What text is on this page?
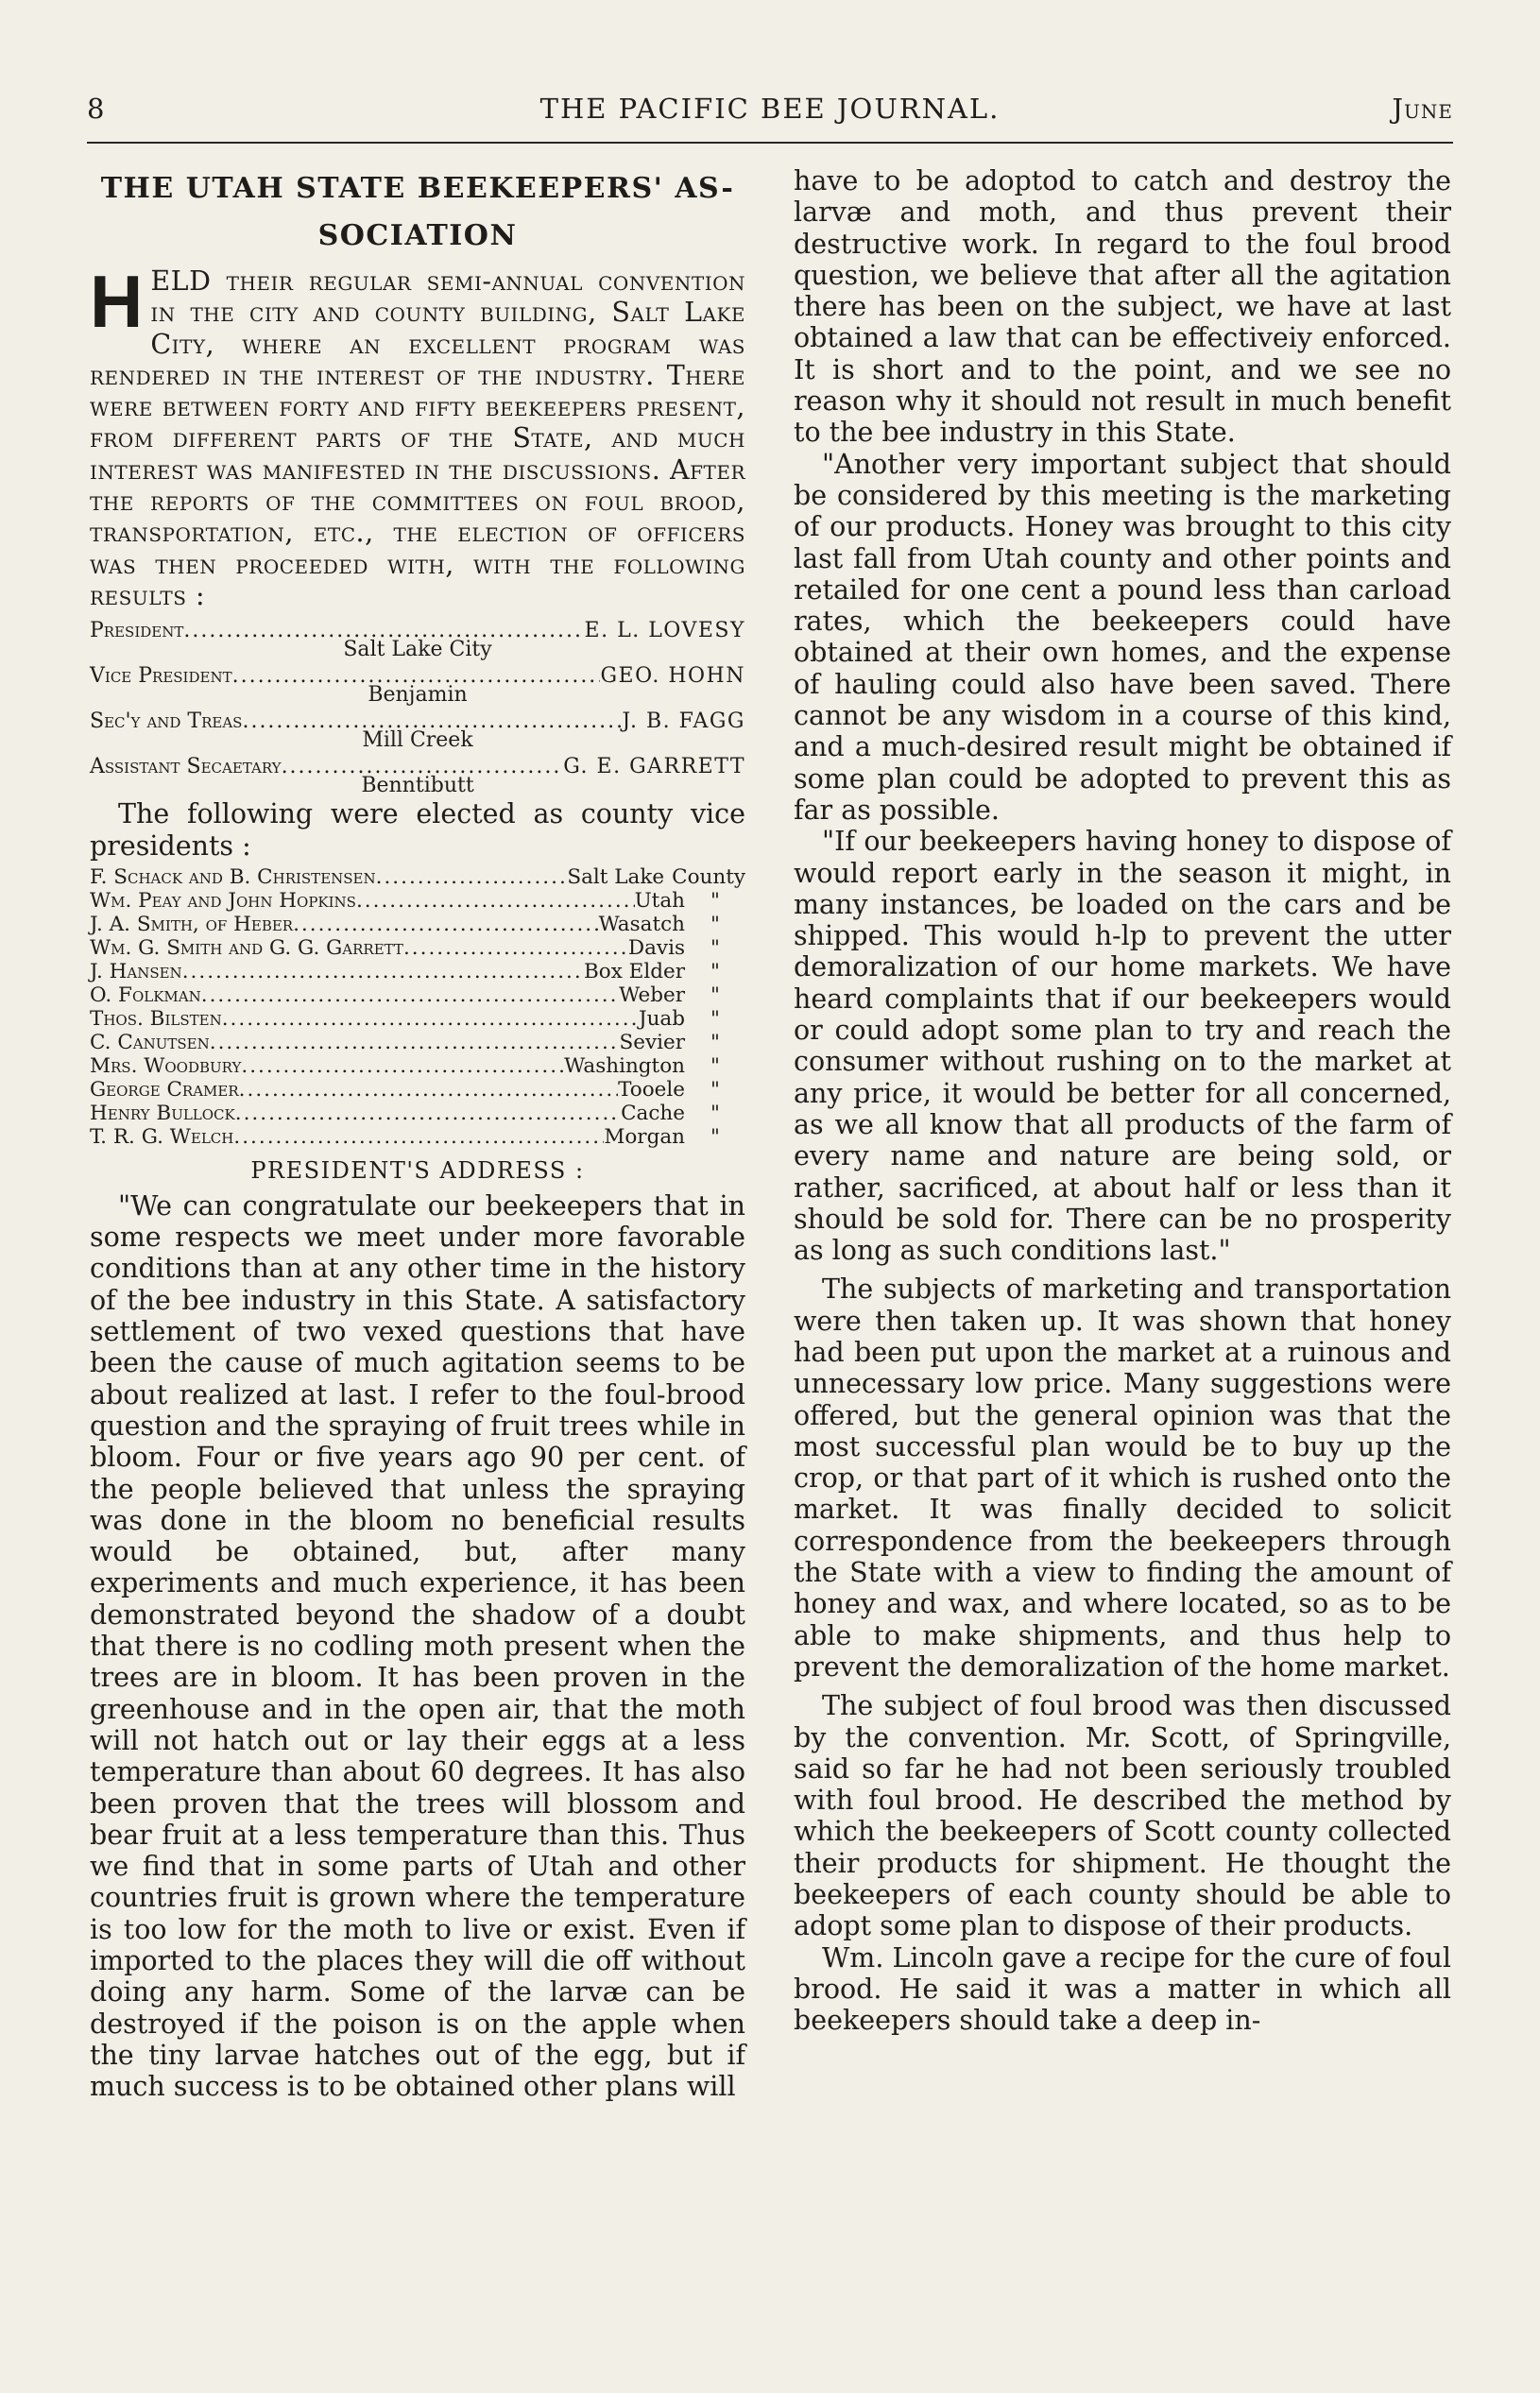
8	THE PACIFIC BEE JOURNAL.	June
THE UTAH STATE BEEKEEPERS' AS-
SOCIATION

HELD their regular semi-annual convention in the city and county building, Salt Lake City, where an excellent program was rendered in the interest of the industry. There were between forty and fifty beekeepers present, from different parts of the State, and much interest was manifested in the discussions. After the reports of the committees on foul brood, transportation, etc., the election of officers was then proceeded with, with the following results :

President .....	E. L. LOVESY
Salt Lake City
Vice President .....	GEO. HOHN
Benjamin
Sec'y and Treas .....	J. B. FAGG
Mill Creek
Assistant Secaetary .....	G. E. GARRETT
Benntibutt

The following were elected as county vice presidents :

F. Schack and B. Christensen .....	Salt Lake County
Wm. Peay and John Hopkins .....	Utah	"
J. A. Smith, of Heber .....	Wasatch	"
Wm. G. Smith and G. G. Garrett .....	Davis	"
J. Hansen .....	Box Elder	"
O. Folkman .....	Weber	"
Thos. Bilsten .....	Juab	"
C. Canutsen .....	Sevier	"
Mrs. Woodbury .....	Washington	"
George Cramer .....	Tooele	"
Henry Bullock .....	Cache	"
T. R. G. Welch .....	Morgan	"
PRESIDENT'S ADDRESS :

"We can congratulate our beekeepers that in some respects we meet under more favorable conditions than at any other time in the history of the bee industry in this State. A satisfactory settlement of two vexed questions that have been the cause of much agitation seems to be about realized at last. I refer to the foul-brood question and the spraying of fruit trees while in bloom. Four or five years ago 90 per cent. of the people believed that unless the spraying was done in the bloom no beneficial results would be obtained, but, after many experiments and much experience, it has been demonstrated beyond the shadow of a doubt that there is no codling moth present when the trees are in bloom. It has been proven in the greenhouse and in the open air, that the moth will not hatch out or lay their eggs at a less temperature than about 60 degrees. It has also been proven that the trees will blossom and bear fruit at a less temperature than this. Thus we find that in some parts of Utah and other countries fruit is grown where the temperature is too low for the moth to live or exist. Even if imported to the places they will die off without doing any harm. Some of the larvæ can be destroyed if the poison is on the apple when the tiny larvae hatches out of the egg, but if much success is to be obtained other plans will

have to be adoptod to catch and destroy the larvæ and moth, and thus prevent their destructive work. In regard to the foul brood question, we believe that after all the agitation there has been on the subject, we have at last obtained a law that can be effectiveiy enforced. It is short and to the point, and we see no reason why it should not result in much benefit to the bee industry in this State.

"Another very important subject that should be considered by this meeting is the marketing of our products. Honey was brought to this city last fall from Utah county and other points and retailed for one cent a pound less than carload rates, which the beekeepers could have obtained at their own homes, and the expense of hauling could also have been saved. There cannot be any wisdom in a course of this kind, and a much-desired result might be obtained if some plan could be adopted to prevent this as far as possible.

"If our beekeepers having honey to dispose of would report early in the season it might, in many instances, be loaded on the cars and be shipped. This would h-lp to prevent the utter demoralization of our home markets. We have heard complaints that if our beekeepers would or could adopt some plan to try and reach the consumer without rushing on to the market at any price, it would be better for all concerned, as we all know that all products of the farm of every name and nature are being sold, or rather, sacrificed, at about half or less than it should be sold for. There can be no prosperity as long as such conditions last."

The subjects of marketing and transportation were then taken up. It was shown that honey had been put upon the market at a ruinous and unnecessary low price. Many suggestions were offered, but the general opinion was that the most successful plan would be to buy up the crop, or that part of it which is rushed onto the market. It was finally decided to solicit correspondence from the beekeepers through the State with a view to finding the amount of honey and wax, and where located, so as to be able to make shipments, and thus help to prevent the demoralization of the home market.

The subject of foul brood was then discussed by the convention. Mr. Scott, of Springville, said so far he had not been seriously troubled with foul brood. He described the method by which the beekeepers of Scott county collected their products for shipment. He thought the beekeepers of each county should be able to adopt some plan to dispose of their products.

Wm. Lincoln gave a recipe for the cure of foul brood. He said it was a matter in which all beekeepers should take a deep in-
